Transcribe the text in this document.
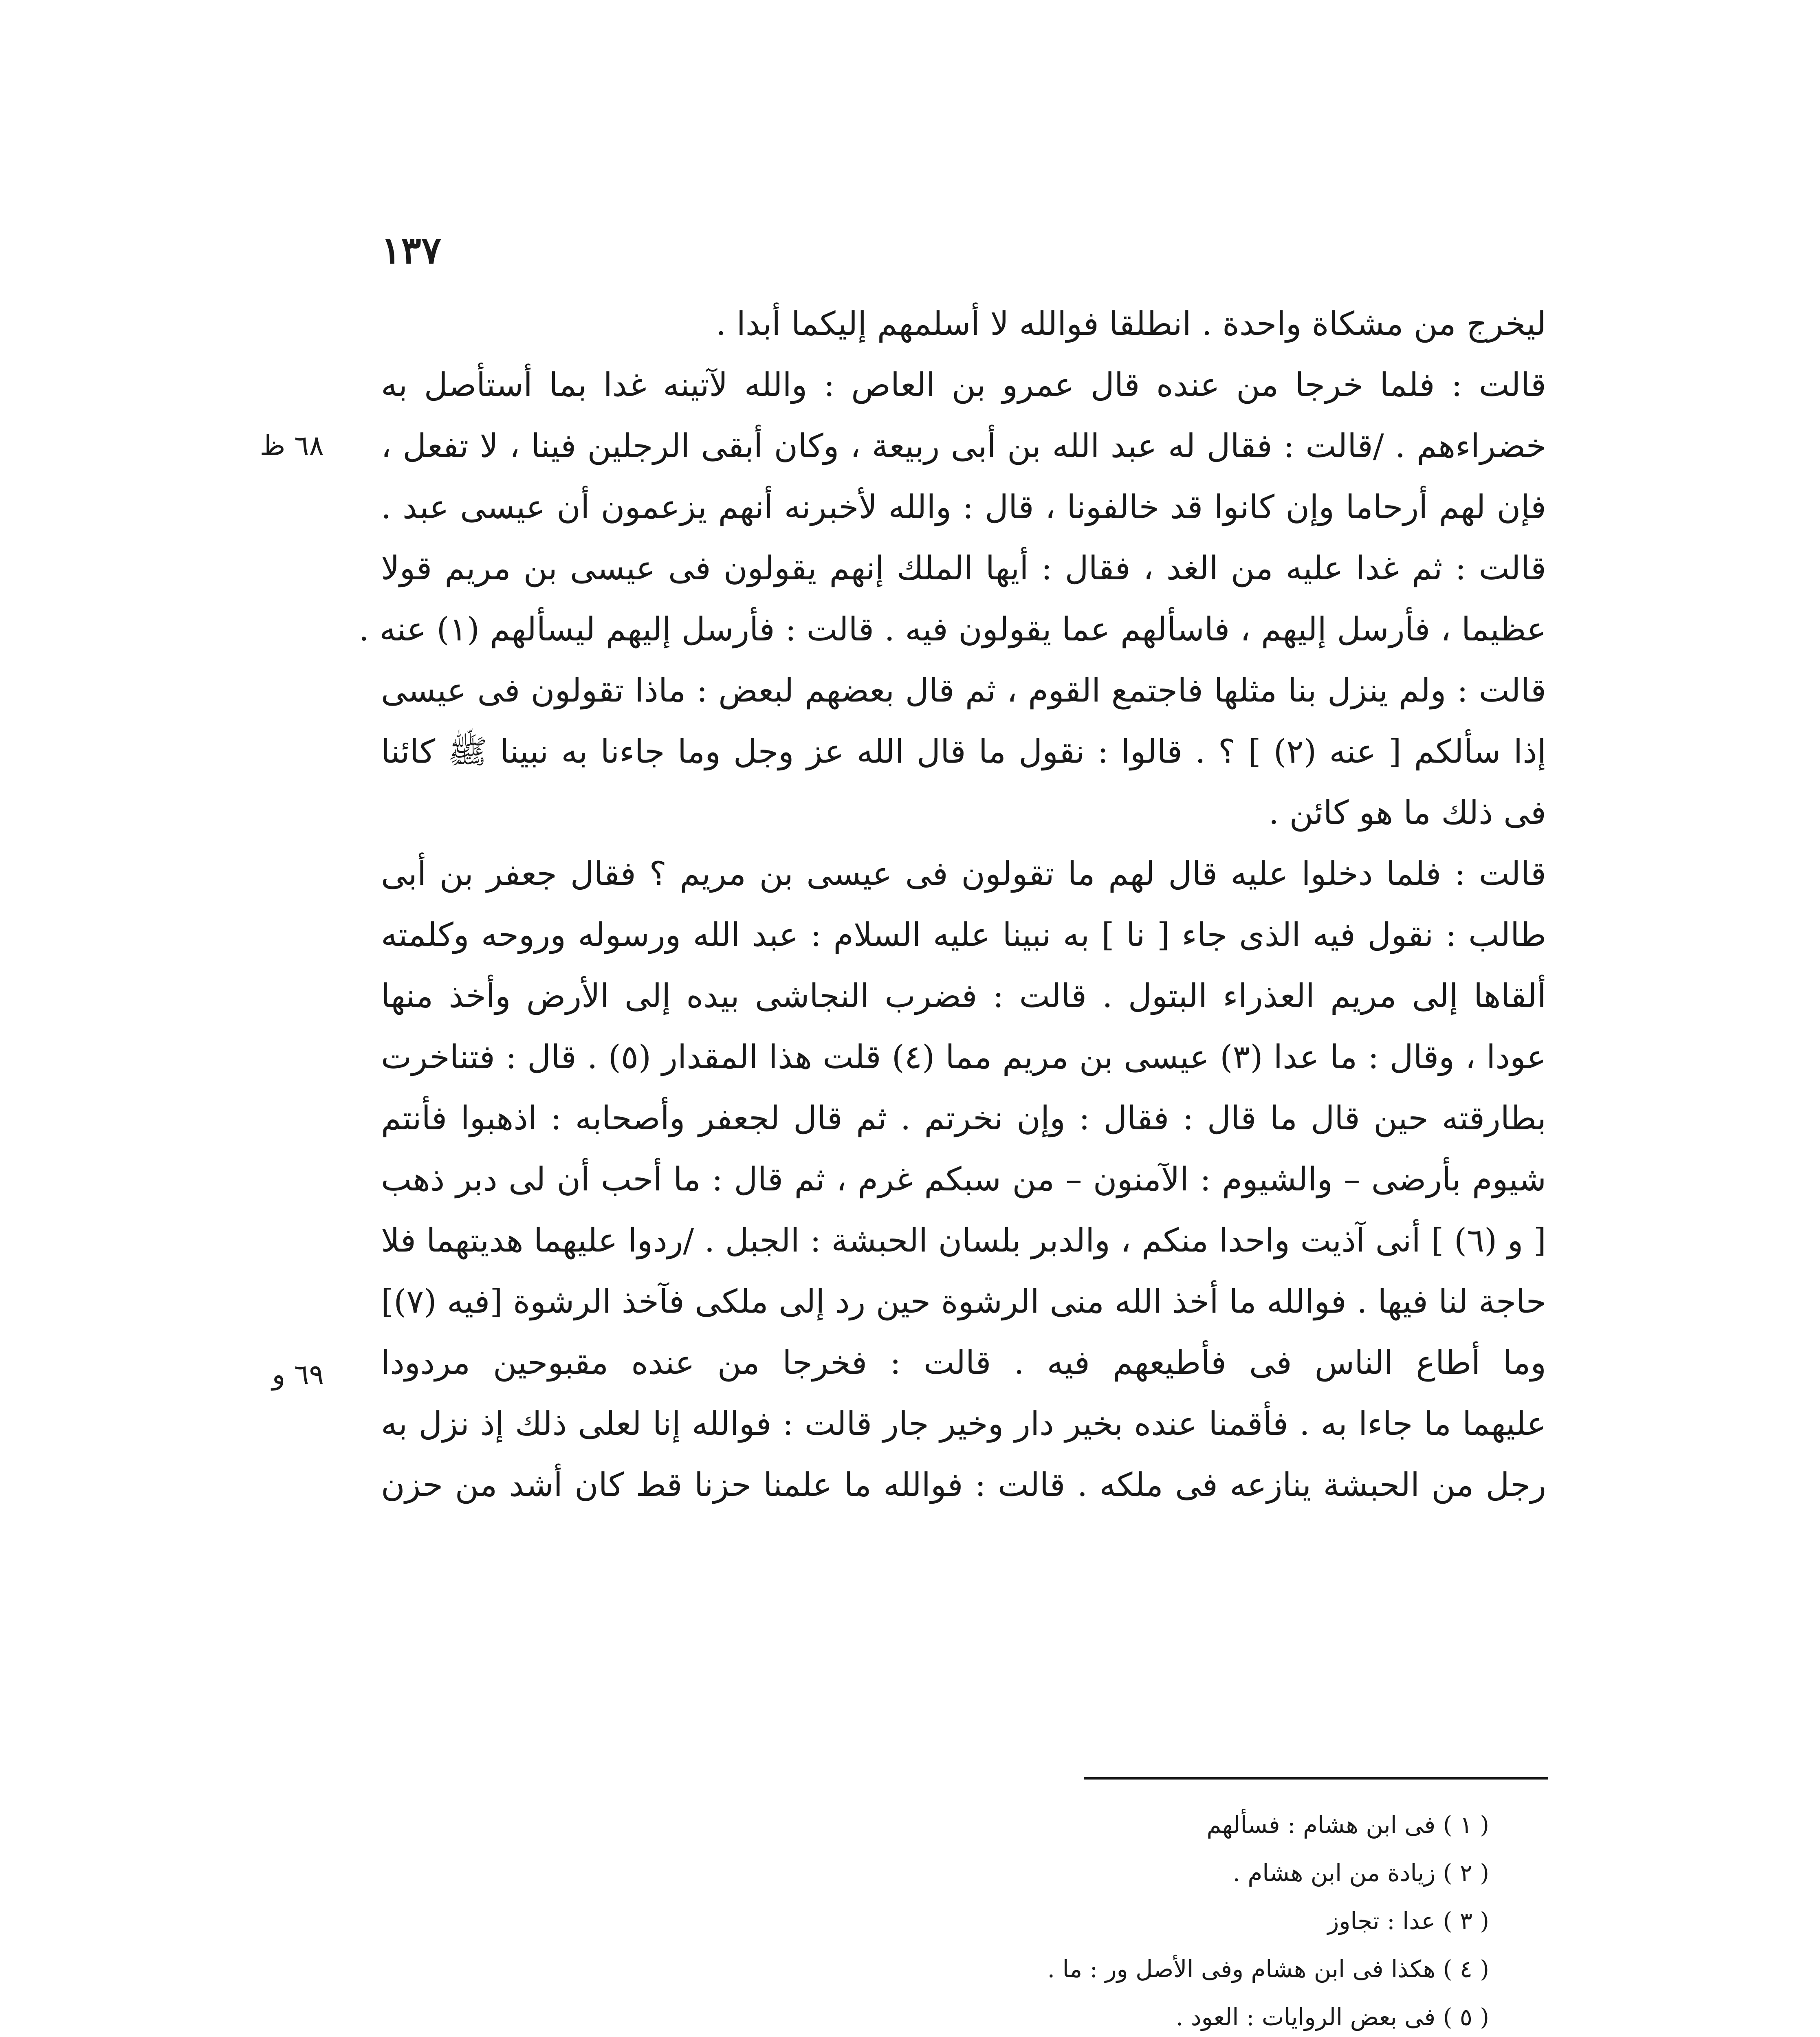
١٣٧
٦٨ ظ
٦٩ و
ليخرج من مشكاة واحدة . انطلقا فوالله لا أسلمهم إليكما أبدا .
قالت : فلما خرجا من عنده قال عمرو بن العاص : والله لآتينه غدا بما أستأصل به
خضراءهم . /قالت : فقال له عبد الله بن أبى ربيعة ، وكان أبقى الرجلين فينا ، لا تفعل ،
فإن لهم أرحاما وإن كانوا قد خالفونا ، قال : والله لأخبرنه أنهم يزعمون أن عيسى عبد .
قالت : ثم غدا عليه من الغد ، فقال : أيها الملك إنهم يقولون فى عيسى بن مريم قولا
عظيما ، فأرسل إليهم ، فاسألهم عما يقولون فيه . قالت : فأرسل إليهم ليسألهم (١) عنه .
قالت : ولم ينزل بنا مثلها فاجتمع القوم ، ثم قال بعضهم لبعض : ماذا تقولون فى عيسى
إذا سألكم [ عنه (٢) ] ؟ . قالوا : نقول ما قال الله عز وجل وما جاءنا به نبينا ﷺ كائنا
فى ذلك ما هو كائن .
قالت : فلما دخلوا عليه قال لهم ما تقولون فى عيسى بن مريم ؟ فقال جعفر بن أبى
طالب : نقول فيه الذى جاء [ نا ] به نبينا عليه السلام : عبد الله ورسوله وروحه وكلمته
ألقاها إلى مريم العذراء البتول . قالت : فضرب النجاشى بيده إلى الأرض وأخذ منها
عودا ، وقال : ما عدا (٣) عيسى بن مريم مما (٤) قلت هذا المقدار (٥) . قال : فتناخرت
بطارقته حين قال ما قال : فقال : وإن نخرتم . ثم قال لجعفر وأصحابه : اذهبوا فأنتم
شيوم بأرضى – والشيوم : الآمنون – من سبكم غرم ، ثم قال : ما أحب أن لى دبر ذهب
[ و (٦) ] أنى آذيت واحدا منكم ، والدبر بلسان الحبشة : الجبل . /ردوا عليهما هديتهما فلا
حاجة لنا فيها . فوالله ما أخذ الله منى الرشوة حين رد إلى ملكى فآخذ الرشوة [فيه (٧)]
وما أطاع الناس فى فأطيعهم فيه . قالت : فخرجا من عنده مقبوحين مردودا
عليهما ما جاءا به . فأقمنا عنده بخير دار وخير جار قالت : فوالله إنا لعلى ذلك إذ نزل به
رجل من الحبشة ينازعه فى ملكه . قالت : فوالله ما علمنا حزنا قط كان أشد من حزن
( ١ ) فى ابن هشام : فسألهم
( ٢ ) زيادة من ابن هشام .
( ٣ ) عدا : تجاوز
( ٤ ) هكذا فى ابن هشام وفى الأصل ور : ما .
( ٥ ) فى بعض الروايات : العود .
